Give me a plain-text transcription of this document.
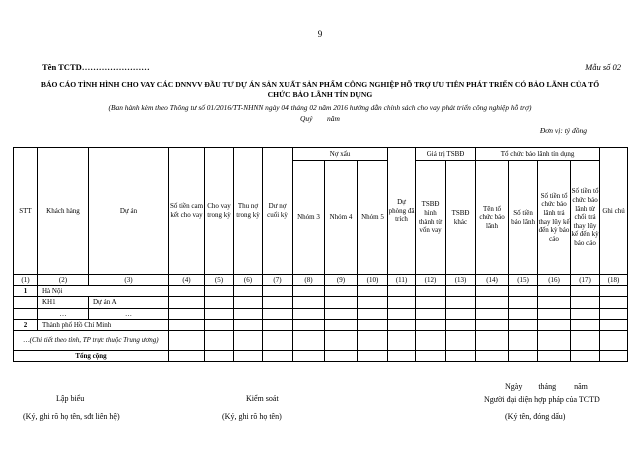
9
Tên TCTD……………………	Mẫu số 02
BÁO CÁO TÌNH HÌNH CHO VAY CÁC DNNVV ĐẦU TƯ DỰ ÁN SẢN XUẤT SẢN PHẨM CÔNG NGHIỆP HỖ TRỢ ƯU TIÊN PHÁT TRIỂN CÓ BẢO LÃNH CỦA TỔ
CHỨC BẢO LÃNH TÍN DỤNG
(Ban hành kèm theo Thông tư số 01/2016/TT-NHNN ngày 04 tháng 02 năm 2016 hướng dẫn chính sách cho vay phát triển công nghiệp hỗ trợ)
Quý năm
Đơn vị: tỷ đồng
STT	Khách hàng	Dự án	Số tiền cam kết cho vay	Cho vay trong kỳ	Thu nợ trong kỳ	Dư nợ cuối kỳ	Nợ xấu			Dự phòng đã trích	Giá trị TSBĐ		Tổ chức bảo lãnh tín dụng				Ghi chú
							Nhóm 3	Nhóm 4	Nhóm 5		TSBĐ hình thành từ vốn vay	TSBĐ khác	Tên tổ chức bảo lãnh	Số tiền bảo lãnh	Số tiền tổ chức bảo lãnh trả thay lũy kế đến kỳ báo cáo	Số tiền tổ chức bảo lãnh từ chối trả thay lũy kế đến kỳ báo cáo	
(1)	(2)	(3)	(4)	(5)	(6)	(7)	(8)	(9)	(10)	(11)	(12)	(13)	(14)	(15)	(16)	(17)	(18)
1	Hà Nội																
	KH1	Dự án A															
	…	…															
2	Thành phố Hồ Chí Minh																
…(Chi tiết theo tỉnh, TP trực thuộc Trung ương)																	
Tổng cộng																	
Lập biểu
(Ký, ghi rõ họ tên, sđt liên hệ)
Kiểm soát
(Ký, ghi rõ họ tên)
Ngày        tháng         năm
Người đại diện hợp pháp của TCTD
(Ký tên, đóng dấu)
